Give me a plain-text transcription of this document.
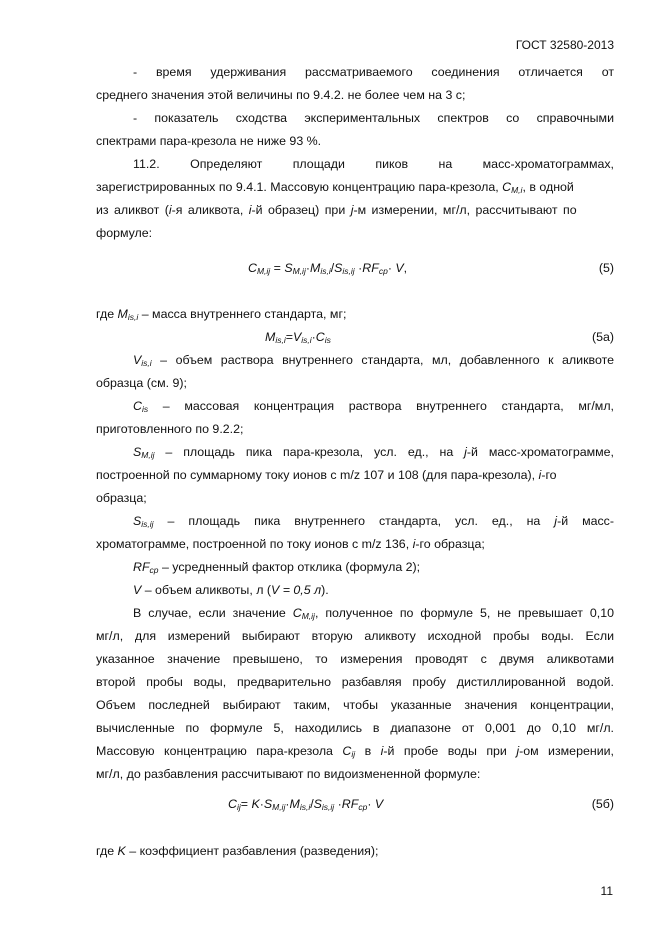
ГОСТ 32580-2013
- время удерживания рассматриваемого соединения отличается от
среднего значения этой величины по 9.4.2. не более чем на 3 с;
- показатель сходства экспериментальных спектров со справочными
спектрами пара-крезола не ниже 93 %.
11.2. Определяют площади пиков на масс-хроматограммах,
зарегистрированных по 9.4.1. Массовую концентрацию пара-крезола, $C_{M,i}$, в одной
из аликвот (i-я аликвота, i-й образец) при j-м измерении, мг/л, рассчитывают по
формуле:
$C_{M,ij} = S_{M,ij}\cdot M_{is,i}/S_{is,ij} \cdot RF_{ср}\cdot V$,	(5)
где $M_{is,i}$ – масса внутреннего стандарта, мг;
$M_{is,i}=V_{is,i}\cdot C_{is}$	(5а)
$V_{is,i}$ – объем раствора внутреннего стандарта, мл, добавленного к аликвоте
образца (см. 9);
$C_{is}$ – массовая концентрация раствора внутреннего стандарта, мг/мл,
приготовленного по 9.2.2;
$S_{M,ij}$ – площадь пика пара-крезола, усл. ед., на j-й масс-хроматограмме,
построенной по суммарному току ионов с m/z 107 и 108 (для пара-крезола), i-го
образца;
$S_{is,ij}$ – площадь пика внутреннего стандарта, усл. ед., на j-й масс-
хроматограмме, построенной по току ионов с m/z 136, i-го образца;
$RF_{ср}$ – усредненный фактор отклика (формула 2);
V – объем аликвоты, л (V = 0,5 л).
В случае, если значение $C_{M,ij}$, полученное по формуле 5, не превышает 0,10
мг/л, для измерений выбирают вторую аликвоту исходной пробы воды. Если
указанное значение превышено, то измерения проводят с двумя аликвотами
второй пробы воды, предварительно разбавляя пробу дистиллированной водой.
Объем последней выбирают таким, чтобы указанные значения концентрации,
вычисленные по формуле 5, находились в диапазоне от 0,001 до 0,10 мг/л.
Массовую концентрацию пара-крезола $C_{ij}$ в i-й пробе воды при j-ом измерении,
мг/л, до разбавления рассчитывают по видоизмененной формуле:
$C_{ij}= K\cdot S_{M,ij}\cdot M_{is,i}/S_{is,ij} \cdot RF_{ср}\cdot V$	(5б)
где K – коэффициент разбавления (разведения);
11
